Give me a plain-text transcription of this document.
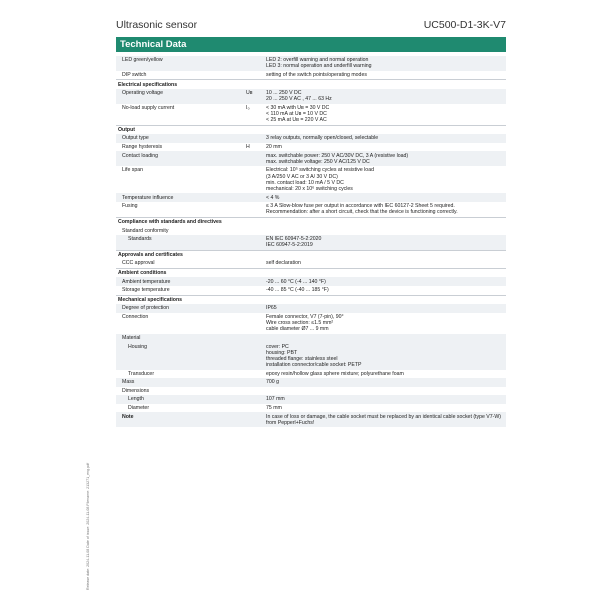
Ultrasonic sensor	UC500-D1-3K-V7
Technical Data
LED green/yellow	LED 2: overfill warning and normal operation
LED 3: normal operation and underfill warning
DIP switch	setting of the switch points/operating modes
Electrical specifications
Operating voltage	Uʙ	10 ... 250 V DC
20 ... 250 V AC , 47 ... 63 Hz
No-load supply current	I₀	< 30 mA with Uʙ = 30 V DC
< 110 mA at Uʙ = 10 V DC
< 25 mA at Uʙ = 220 V AC
Output
Output type	3 relay outputs, normally open/closed, selectable
Range hysteresis	H	20 mm
Contact loading	max. switchable power: 250 V AC/30V DC, 3 A (resistive load)
max. switchable voltage: 250 V AC/125 V DC
Life span	Electrical: 10⁵ switching cycles at resistive load
(3 A/250 V AC or 3 A/ 30 V DC)
min. contact load: 10 mA / 5 V DC
mechanical: 20 x 10⁶ switching cycles
Temperature influence	< 4 %
Fusing	≤ 3 A Slow-blow fuse per output in accordance with IEC 60127-2 Sheet 5 required.
Recommendation: after a short circuit, check that the device is functioning correctly.
Compliance with standards and directives
Standard conformity
Standards	EN IEC 60947-5-2:2020
IEC 60947-5-2:2019
Approvals and certificates
CCC approval	self declaration
Ambient conditions
Ambient temperature	-20 ... 60 °C (-4 ... 140 °F)
Storage temperature	-40 ... 85 °C (-40 ... 185 °F)
Mechanical specifications
Degree of protection	IP65
Connection	Female connector, V7 (7-pin), 90°
Wire cross section: ≤1.5 mm²
cable diameter Ø7 ... 9 mm
Material
Housing	cover: PC
housing: PBT
threaded flange: stainless steel
installation connector/cable socket: PETP
Transducer	epoxy resin/hollow glass sphere mixture; polyurethane foam
Mass	700 g
Dimensions
Length	107 mm
Diameter	75 mm
Note	In case of loss or damage, the cable socket must be replaced by an identical cable socket (type V7-W) from Pepperl+Fuchs!
Release date: 2024-11-08 Date of issue: 2024-11-08 Filename: 213271_eng.pdf
